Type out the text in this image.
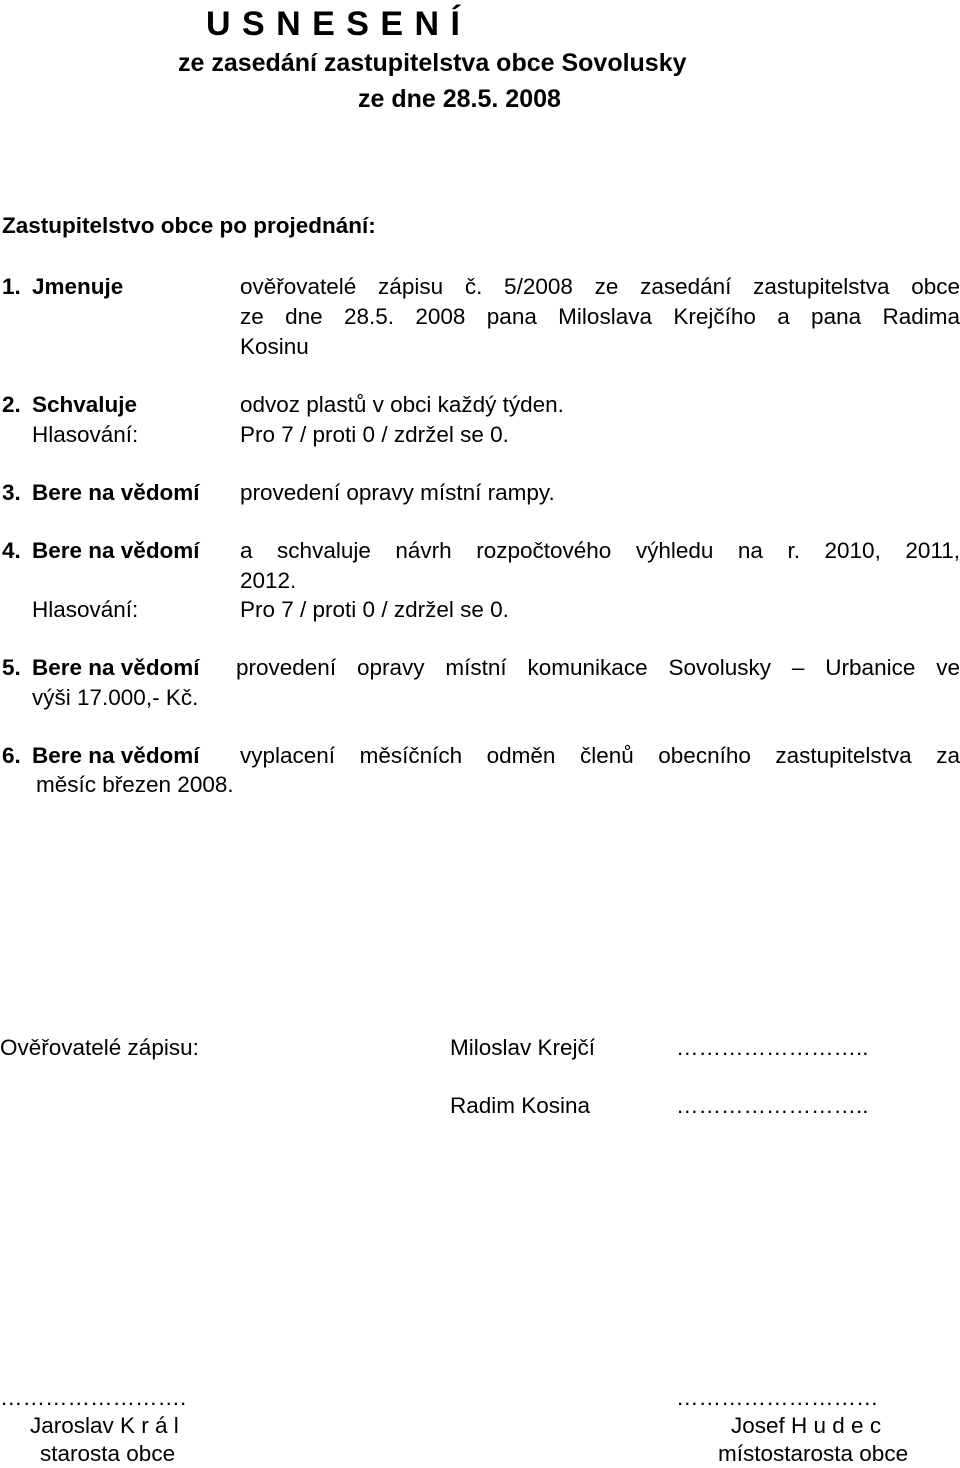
U S N E S E N Í
ze zasedání zastupitelstva obce Sovolusky
ze dne 28.5. 2008
Zastupitelstvo obce po projednání:
1. Jmenuje	ověřovatelé zápisu č. 5/2008 ze zasedání zastupitelstva obce
ze dne 28.5. 2008 pana Miloslava Krejčího a pana Radima
Kosinu
2. Schvaluje	odvoz plastů v obci každý týden.
Hlasování:	Pro 7 / proti 0 / zdržel se 0.
3. Bere na vědomí provedení opravy místní rampy.
4. Bere na vědomí a schvaluje návrh rozpočtového výhledu na r. 2010, 2011,
2012.
Hlasování:	Pro 7 / proti 0 / zdržel se 0.
5. Bere na vědomí provedení opravy místní komunikace Sovolusky – Urbanice ve
výši 17.000,- Kč.
6. Bere na vědomí vyplacení měsíčních odměn členů obecního zastupitelstva za
měsíc březen 2008.
Ověřovatelé zápisu:	Miloslav Krejčí	……………………..
Radim Kosina	……………………..
…………………….
Jaroslav K r á l
starosta obce
………………………
Josef H u d e c
místostarosta obce
